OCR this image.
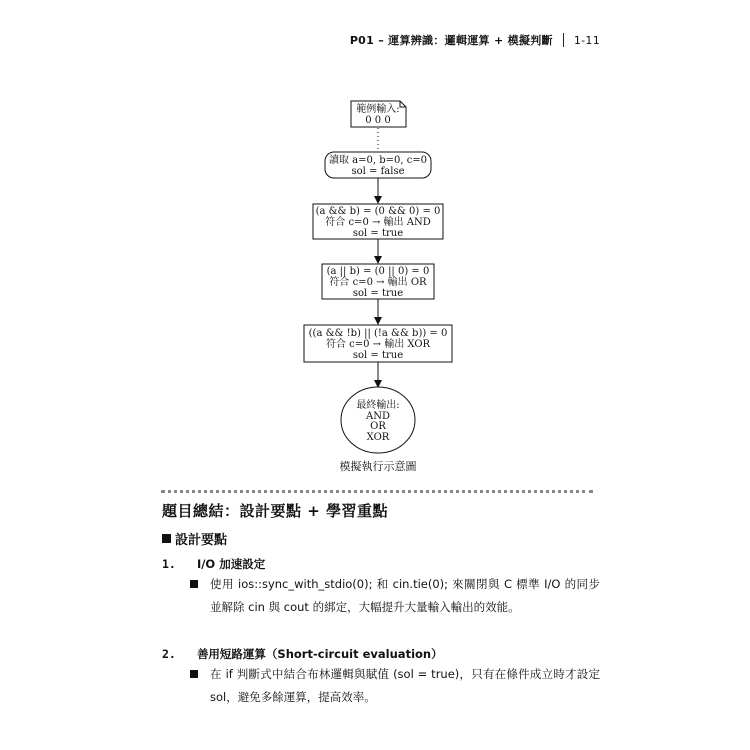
P01 – 運算辨識：邏輯運算 + 模擬判斷 1-11
範例輸入:
0 0 0
讀取 a=0, b=0, c=0
sol = false
(a && b) = (0 && 0) = 0
符合 c=0 → 輸出 AND
sol = true
(a || b) = (0 || 0) = 0
符合 c=0 → 輸出 OR
sol = true
((a && !b) || (!a && b)) = 0
符合 c=0 → 輸出 XOR
sol = true
最終輸出:
AND
OR
XOR
模擬執行示意圖
題目總結：設計要點 + 學習重點
設計要點
1. I/O 加速設定
使用 ios::sync_with_stdio(0); 和 cin.tie(0); 來關閉與 C 標準 I/O 的同步並解除 cin 與 cout 的綁定，大幅提升大量輸入輸出的效能。
2. 善用短路運算（Short-circuit evaluation）
在 if 判斷式中結合布林邏輯與賦值 (sol = true)，只有在條件成立時才設定 sol，避免多餘運算，提高效率。
